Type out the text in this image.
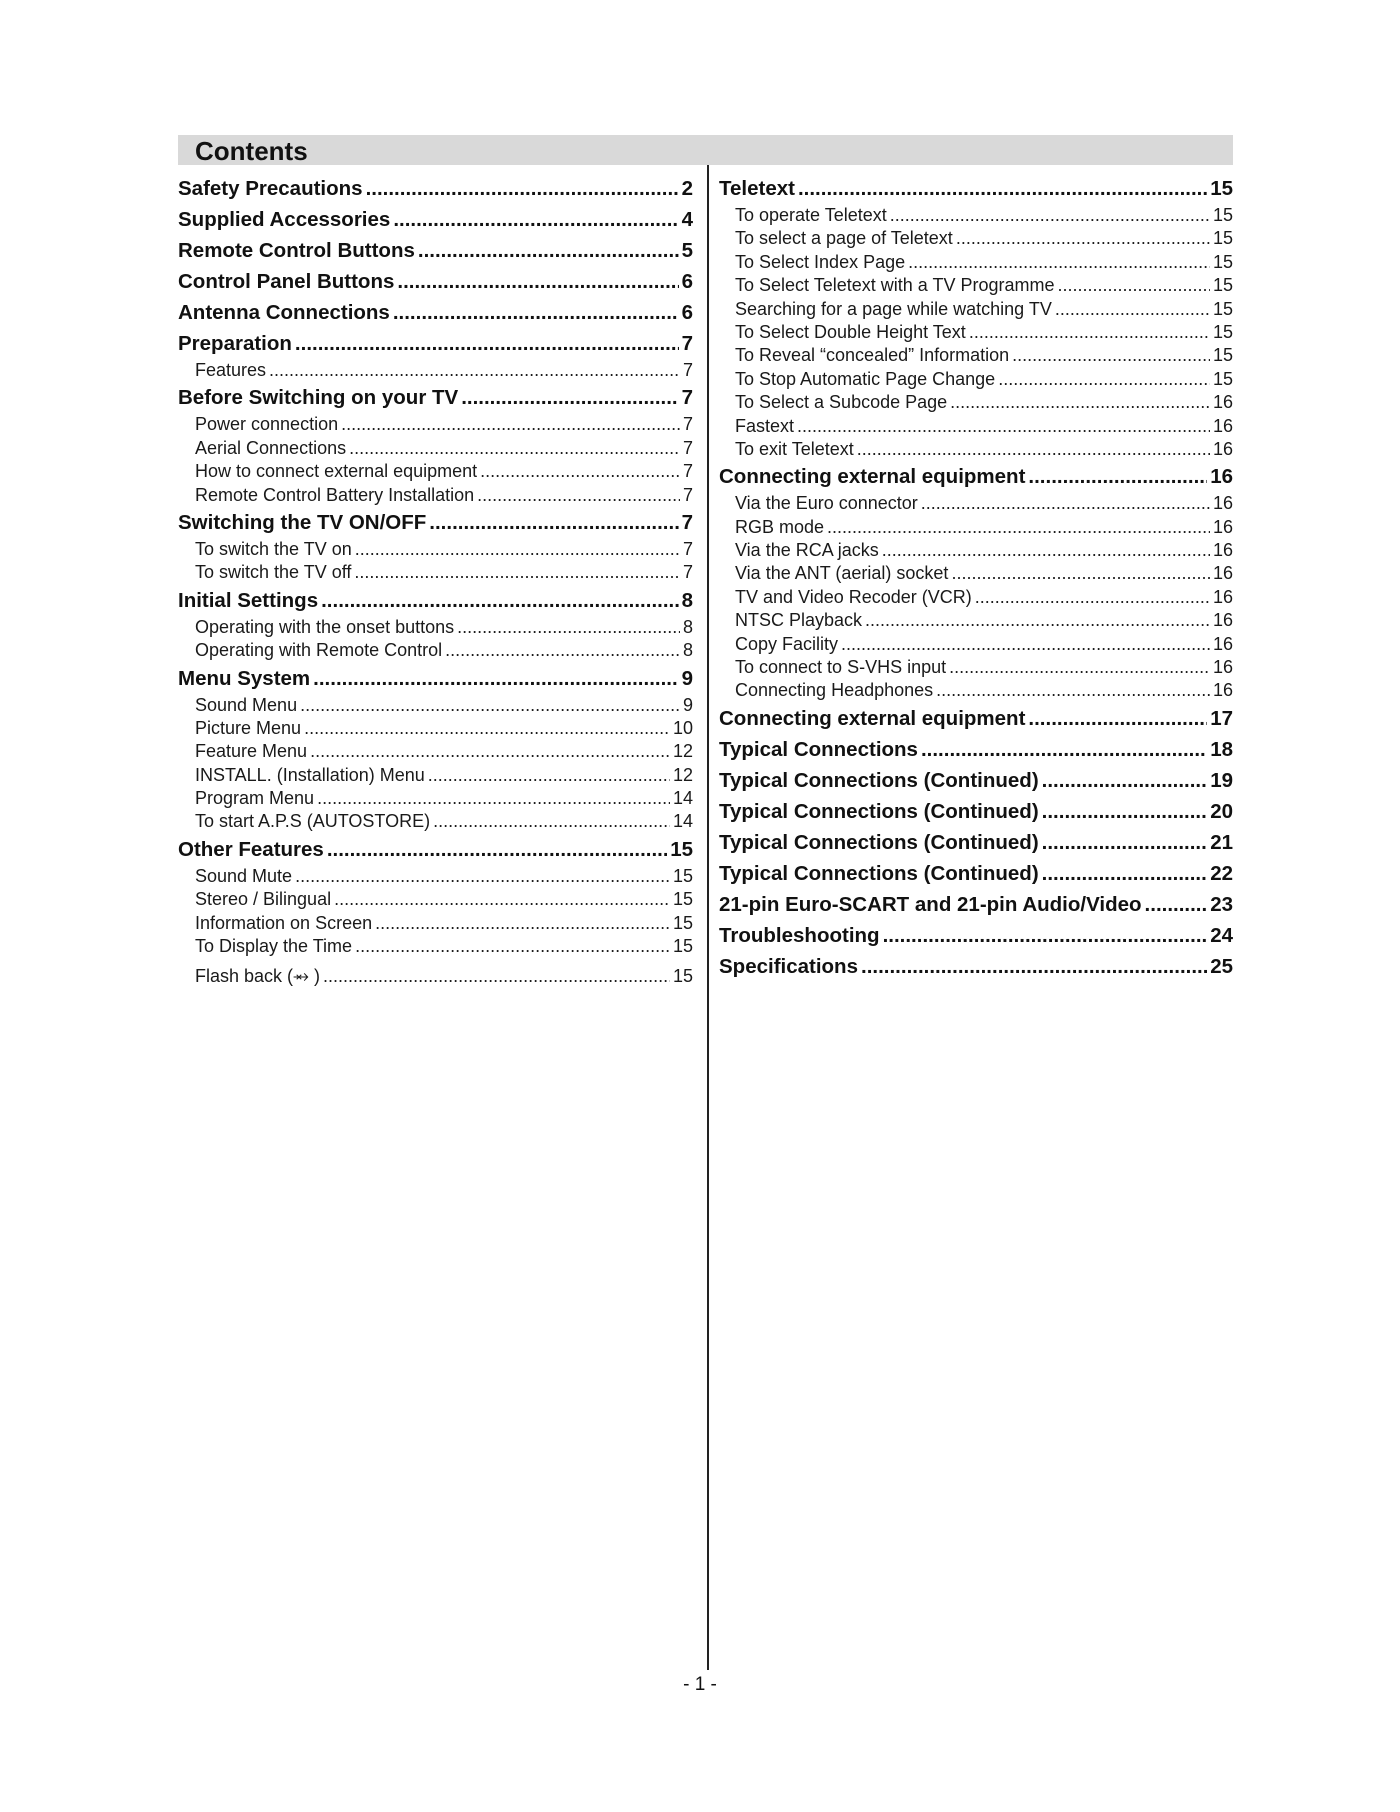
Contents
Safety Precautions .....	2
Supplied Accessories .....	4
Remote Control Buttons .....	5
Control Panel Buttons .....	6
Antenna Connections .....	6
Preparation .....	7
Features .....	7
Before Switching on your TV .....	7
Power connection .....	7
Aerial Connections .....	7
How to connect external equipment .....	7
Remote Control Battery Installation .....	7
Switching the TV ON/OFF .....	7
To switch the TV on .....	7
To switch the TV off .....	7
Initial Settings .....	8
Operating with the onset buttons .....	8
Operating with Remote Control .....	8
Menu System .....	9
Sound Menu .....	9
Picture Menu .....	10
Feature Menu .....	12
INSTALL. (Installation) Menu .....	12
Program Menu .....	14
To start A.P.S (AUTOSTORE) .....	14
Other Features .....	15
Sound Mute .....	15
Stereo / Bilingual .....	15
Information on Screen .....	15
To Display the Time .....	15
Flash back (⥇ ) .....	15
Teletext .....	15
To operate Teletext .....	15
To select a page of Teletext .....	15
To Select Index Page .....	15
To Select Teletext with a TV Programme .....	15
Searching for a page while watching TV .....	15
To Select Double Height Text .....	15
To Reveal “concealed” Information .....	15
To Stop Automatic Page Change .....	15
To Select a Subcode Page .....	16
Fastext .....	16
To exit Teletext .....	16
Connecting external equipment .....	16
Via the Euro connector .....	16
RGB mode .....	16
Via the RCA jacks .....	16
Via the ANT (aerial) socket .....	16
TV and Video Recoder (VCR) .....	16
NTSC Playback .....	16
Copy Facility .....	16
To connect to S-VHS input .....	16
Connecting Headphones .....	16
Connecting external equipment .....	17
Typical Connections .....	18
Typical Connections (Continued) .....	19
Typical Connections (Continued) .....	20
Typical Connections (Continued) .....	21
Typical Connections (Continued) .....	22
21-pin Euro-SCART and 21-pin Audio/Video .....	23
Troubleshooting .....	24
Specifications .....	25
- 1 -
